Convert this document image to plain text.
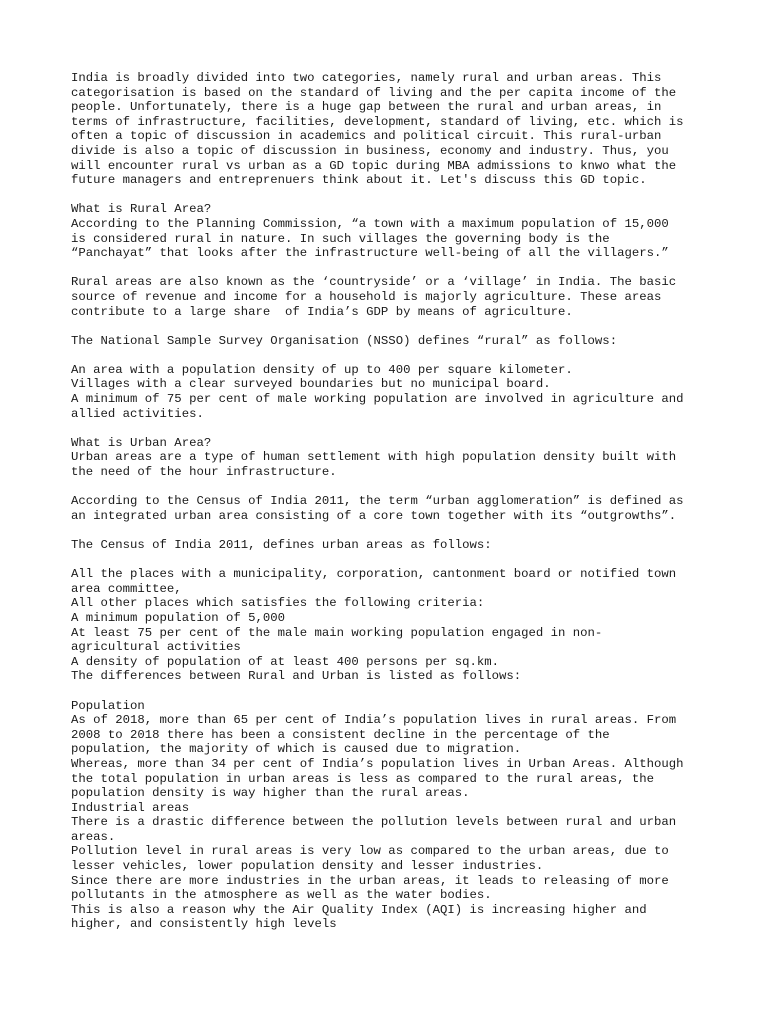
India is broadly divided into two categories, namely rural and urban areas. This
categorisation is based on the standard of living and the per capita income of the
people. Unfortunately, there is a huge gap between the rural and urban areas, in
terms of infrastructure, facilities, development, standard of living, etc. which is
often a topic of discussion in academics and political circuit. This rural-urban
divide is also a topic of discussion in business, economy and industry. Thus, you
will encounter rural vs urban as a GD topic during MBA admissions to knwo what the
future managers and entreprenuers think about it. Let's discuss this GD topic.

What is Rural Area?
According to the Planning Commission, “a town with a maximum population of 15,000
is considered rural in nature. In such villages the governing body is the
“Panchayat” that looks after the infrastructure well-being of all the villagers.”

Rural areas are also known as the ‘countryside’ or a ‘village’ in India. The basic
source of revenue and income for a household is majorly agriculture. These areas
contribute to a large share  of India’s GDP by means of agriculture.

The National Sample Survey Organisation (NSSO) defines “rural” as follows:

An area with a population density of up to 400 per square kilometer.
Villages with a clear surveyed boundaries but no municipal board.
A minimum of 75 per cent of male working population are involved in agriculture and
allied activities.

What is Urban Area?
Urban areas are a type of human settlement with high population density built with
the need of the hour infrastructure.

According to the Census of India 2011, the term “urban agglomeration” is defined as
an integrated urban area consisting of a core town together with its “outgrowths”.

The Census of India 2011, defines urban areas as follows:

All the places with a municipality, corporation, cantonment board or notified town
area committee,
All other places which satisfies the following criteria:
A minimum population of 5,000
At least 75 per cent of the male main working population engaged in non-
agricultural activities
A density of population of at least 400 persons per sq.km.
The differences between Rural and Urban is listed as follows:

Population
As of 2018, more than 65 per cent of India’s population lives in rural areas. From
2008 to 2018 there has been a consistent decline in the percentage of the
population, the majority of which is caused due to migration.
Whereas, more than 34 per cent of India’s population lives in Urban Areas. Although
the total population in urban areas is less as compared to the rural areas, the
population density is way higher than the rural areas.
Industrial areas
There is a drastic difference between the pollution levels between rural and urban
areas.
Pollution level in rural areas is very low as compared to the urban areas, due to
lesser vehicles, lower population density and lesser industries.
Since there are more industries in the urban areas, it leads to releasing of more
pollutants in the atmosphere as well as the water bodies.
This is also a reason why the Air Quality Index (AQI) is increasing higher and
higher, and consistently high levels
